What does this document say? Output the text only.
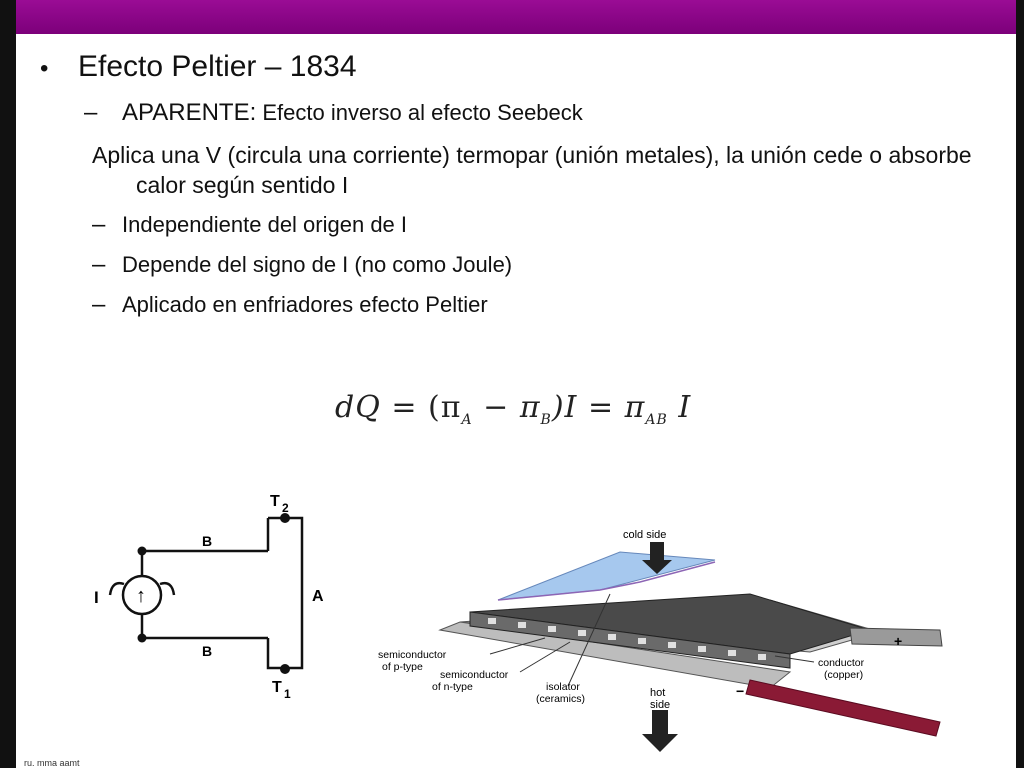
• Efecto Peltier – 1834
– APARENTE: Efecto inverso al efecto Seebeck
Aplica una V (circula una corriente) termopar (unión metales), la unión cede o absorbe
calor según sentido I
– Independiente del origen de I
– Depende del signo de I (no como Joule)
– Aplicado en enfriadores efecto Peltier
dQ = $(\pi_A - \pi_B)I = \pi_{AB}$ I
↑
I
B
B
A
T 2
T 1
cold side
hot
side
+
−
semiconductor
of p-type
semiconductor
of n-type	isolator
(ceramics)
conductor
(copper)
ru. mma aamt
